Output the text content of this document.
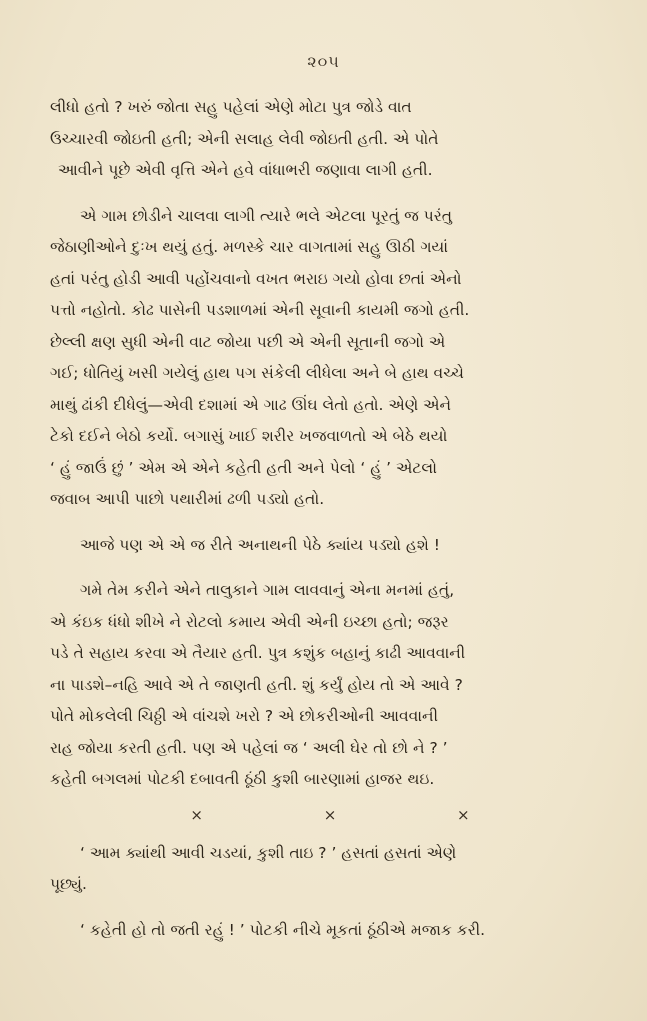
૨૦૫

લીધો હતો ? ખરું જોતા સહુ પહેલાં એણે મોટા પુત્ર જોડે વાત
ઉચ્ચારવી જોઇતી હતી; એની સલાહ લેવી જોઇતી હતી. એ પોતે
આવીને પૂછે એવી વૃત્તિ એને હવે વાંધાભરી જણાવા લાગી હતી.

એ ગામ છોડીને ચાલવા લાગી ત્યારે ભલે એટલા પૂરતું જ પરંતુ
જેઠાણીઓને દુઃખ થયું હતું. મળસ્કે ચાર વાગતામાં સહુ ઊઠી ગયાં
હતાં પરંતુ હોડી આવી પહોંચવાનો વખત ભરાઇ ગયો હોવા છતાં એનો
પત્તો નહોતો. કોઢ પાસેની પડશાળમાં એની સૂવાની કાયમી જગો હતી.
છેલ્લી ક્ષણ સુધી એની વાટ જોયા પછી એ એની સૂતાની જગો એ
ગઈ; ધોતિયું ખસી ગયેલું હાથ પગ સંકેલી લીધેલા અને બે હાથ વચ્ચે
માથું ઢાંકી દીધેલું—એવી દશામાં એ ગાઢ ઊંઘ લેતો હતો. એણે એને
ટેકો દઈને બેઠો કર્યો. બગાસું ખાઈ શરીર ખજવાળતો એ બેઠે થયો
‘ હું જાઉં છું ’ એમ એ એને કહેતી હતી અને પેલો ‘ હું ’ એટલો
જવાબ આપી પાછો પથારીમાં ઢળી પડ્યો હતો.

આજે પણ એ એ જ રીતે અનાથની પેઠે ક્યાંય પડ્યો હશે !

ગમે તેમ કરીને એને તાલુકાને ગામ લાવવાનું એના મનમાં હતું,
એ કંઇક ધંધો શીખે ને રોટલો કમાય એવી એની ઇચ્છા હતો; જરૂર
પડે તે સહાય કરવા એ તૈયાર હતી. પુત્ર કશુંક બહાનું કાઢી આવવાની
ના પાડશે–નહિ આવે એ તે જાણતી હતી. શું કર્યું હોય તો એ આવે ?
પોતે મોકલેલી ચિઠ્ઠી એ વાંચશે ખરો ? એ છોકરીઓની આવવાની
રાહ જોયા કરતી હતી. પણ એ પહેલાં જ ‘ અલી ઘેર તો છો ને ? ’
કહેતી બગલમાં પોટકી દબાવતી ઠૂંઠી કુશી બારણામાં હાજર થઇ.

×	×	×

‘ આમ ક્યાંથી આવી ચડયાં, કુશી તાઇ ? ’ હસતાં હસતાં એણે
પૂછ્યું.

‘ કહેતી હો તો જતી રહું ! ’ પોટકી નીચે મૂકતાં ઠૂંઠીએ મજાક કરી.
